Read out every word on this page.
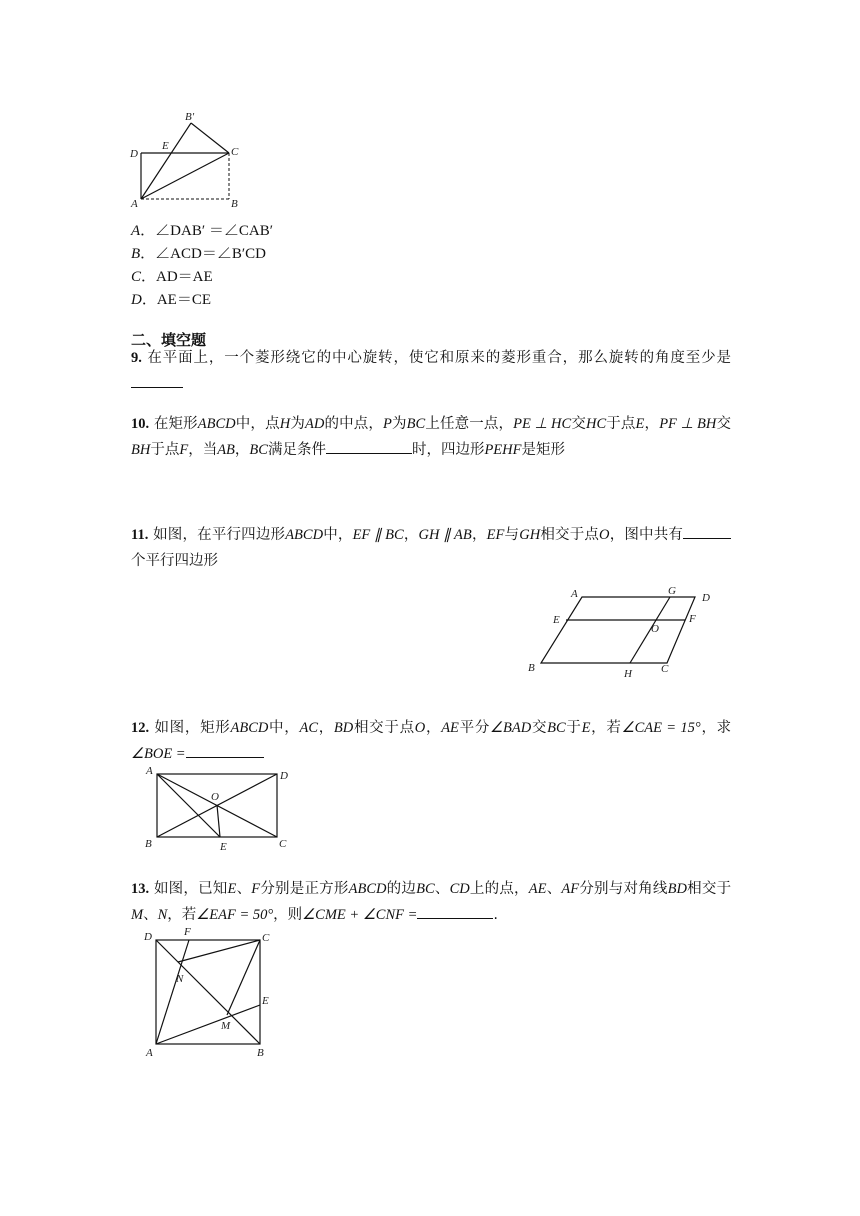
B′
E
D	C
A	B
A．∠DAB′ ＝∠CAB′
B．∠ACD＝∠B′CD
C．AD＝AE
D．AE＝CE
二、填空题
9. 在平面上，一个菱形绕它的中心旋转，使它和原来的菱形重合，那么旋转的角度至少是
10. 在矩形ABCD中，点H为AD的中点，P为BC上任意一点，PE ⊥ HC交HC于点E，PF ⊥ BH交BH于点F，当AB，BC满足条件	时，四边形PEHF是矩形
11. 如图，在平行四边形ABCD中，EF ∥ BC，GH ∥ AB，EF与GH相交于点O，图中共有个平行四边形
A	G
D
E
O
F
B	H	C
12. 如图，矩形ABCD中，AC，BD相交于点O，AE平分∠BAD交BC于E，若∠CAE = 15°，求∠BOE =
A	D
O
B	E	C
13. 如图，已知E、F分别是正方形ABCD的边BC、CD上的点，AE、AF分别与对角线BD相交于M、N，若∠EAF = 50°，则∠CME + ∠CNF =	.
D	F	C
N
E
M
A	B
